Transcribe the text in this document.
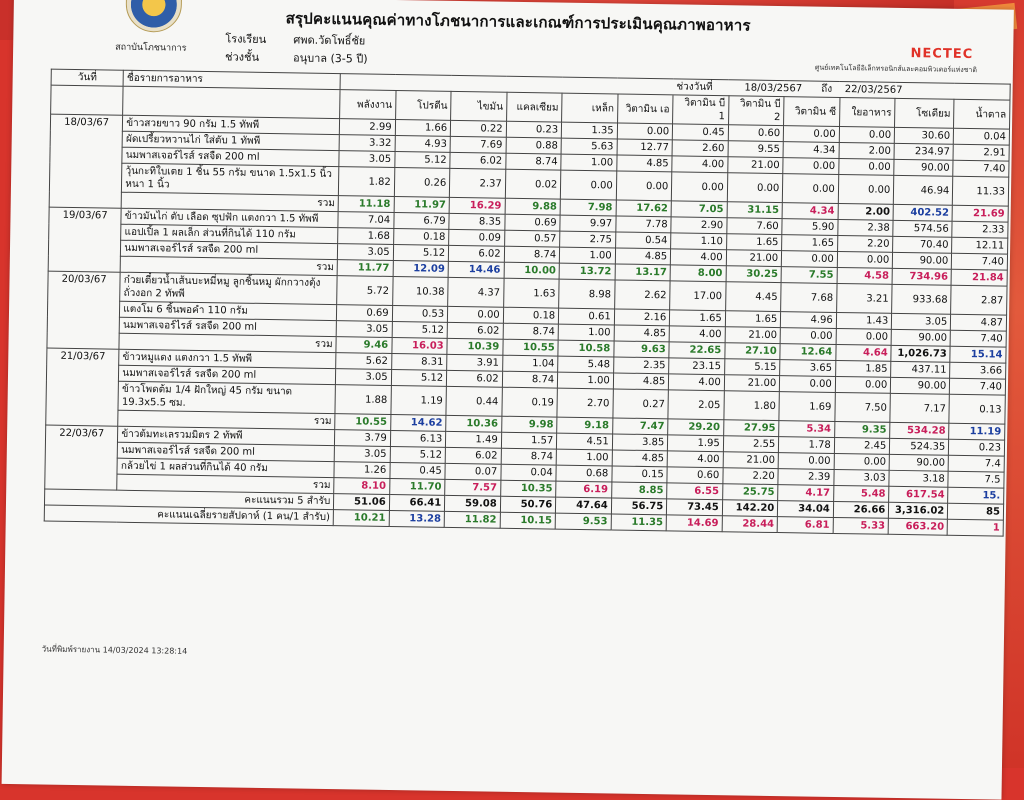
สถาบันโภชนาการ
สรุปคะแนนคุณค่าทางโภชนาการและเกณฑ์การประเมินคุณภาพอาหาร
โรงเรียน ศพด.วัดโพธิ์ชัย
ช่วงชั้น	อนุบาล (3-5 ปี)	NECTEC
ศูนย์เทคโนโลยีอิเล็กทรอนิกส์และคอมพิวเตอร์แห่งชาติ
วันที่	ชื่อรายการอาหาร							ช่วงวันที่ 18/03/2567 ถึง 22/03/2567					
		พลังงาน	โปรตีน	ไขมัน	แคลเซียม	เหล็ก	วิตามิน เอ	วิตามิน บี 1	วิตามิน บี 2	วิตามิน ซี	ใยอาหาร	โซเดียม	น้ำตาล
18/03/67	ข้าวสวยขาว 90 กรัม 1.5 ทัพพี	2.99	1.66	0.22	0.23	1.35	0.00	0.45	0.60	0.00	0.00	30.60	0.04
	ผัดเปรี้ยวหวานไก่ ใส่ตับ 1 ทัพพี	3.32	4.93	7.69	0.88	5.63	12.77	2.60	9.55	4.34	2.00	234.97	2.91
	นมพาสเจอร์ไรส์ รสจืด 200 ml	3.05	5.12	6.02	8.74	1.00	4.85	4.00	21.00	0.00	0.00	90.00	7.40
	วุ้นกะทิใบเตย 1 ชิ้น 55 กรัม ขนาด 1.5x1.5 นิ้ว หนา 1 นิ้ว	1.82	0.26	2.37	0.02	0.00	0.00	0.00	0.00	0.00	0.00	46.94	11.33
	รวม	11.18	11.97	16.29	9.88	7.98	17.62	7.05	31.15	4.34	2.00	402.52	21.69
19/03/67	ข้าวมันไก่ ตับ เลือด ซุปฟัก แตงกวา 1.5 ทัพพี	7.04	6.79	8.35	0.69	9.97	7.78	2.90	7.60	5.90	2.38	574.56	2.33
	แอปเปิ้ล 1 ผลเล็ก ส่วนที่กินได้ 110 กรัม	1.68	0.18	0.09	0.57	2.75	0.54	1.10	1.65	1.65	2.20	70.40	12.11
	นมพาสเจอร์ไรส์ รสจืด 200 ml	3.05	5.12	6.02	8.74	1.00	4.85	4.00	21.00	0.00	0.00	90.00	7.40
	รวม	11.77	12.09	14.46	10.00	13.72	13.17	8.00	30.25	7.55	4.58	734.96	21.84
20/03/67	ก๋วยเตี๋ยวน้ำเส้นบะหมี่หมู ลูกชิ้นหมู ผักกวางตุ้ง ถั่วงอก 2 ทัพพี	5.72	10.38	4.37	1.63	8.98	2.62	17.00	4.45	7.68	3.21	933.68	2.87
	แตงโม 6 ชิ้นพอคำ 110 กรัม	0.69	0.53	0.00	0.18	0.61	2.16	1.65	1.65	4.96	1.43	3.05	4.87
	นมพาสเจอร์ไรส์ รสจืด 200 ml	3.05	5.12	6.02	8.74	1.00	4.85	4.00	21.00	0.00	0.00	90.00	7.40
	รวม	9.46	16.03	10.39	10.55	10.58	9.63	22.65	27.10	12.64	4.64	1,026.73	15.14
21/03/67	ข้าวหมูแดง แตงกวา 1.5 ทัพพี	5.62	8.31	3.91	1.04	5.48	2.35	23.15	5.15	3.65	1.85	437.11	3.66
	นมพาสเจอร์ไรส์ รสจืด 200 ml	3.05	5.12	6.02	8.74	1.00	4.85	4.00	21.00	0.00	0.00	90.00	7.40
	ข้าวโพดต้ม 1/4 ฝักใหญ่ 45 กรัม ขนาด 19.3x5.5 ซม.	1.88	1.19	0.44	0.19	2.70	0.27	2.05	1.80	1.69	7.50	7.17	0.13
	รวม	10.55	14.62	10.36	9.98	9.18	7.47	29.20	27.95	5.34	9.35	534.28	11.19
22/03/67	ข้าวต้มทะเลรวมมิตร 2 ทัพพี	3.79	6.13	1.49	1.57	4.51	3.85	1.95	2.55	1.78	2.45	524.35	0.23
	นมพาสเจอร์ไรส์ รสจืด 200 ml	3.05	5.12	6.02	8.74	1.00	4.85	4.00	21.00	0.00	0.00	90.00	7.4
	กล้วยไข่ 1 ผลส่วนที่กินได้ 40 กรัม	1.26	0.45	0.07	0.04	0.68	0.15	0.60	2.20	2.39	3.03	3.18	7.5
	รวม	8.10	11.70	7.57	10.35	6.19	8.85	6.55	25.75	4.17	5.48	617.54	15.
คะแนนรวม 5 สำรับ		51.06	66.41	59.08	50.76	47.64	56.75	73.45	142.20	34.04	26.66	3,316.02	85
คะแนนเฉลี่ยรายสัปดาห์ (1 คน/1 สำรับ)		10.21	13.28	11.82	10.15	9.53	11.35	14.69	28.44	6.81	5.33	663.20	1
วันที่พิมพ์รายงาน 14/03/2024 13:28:14
